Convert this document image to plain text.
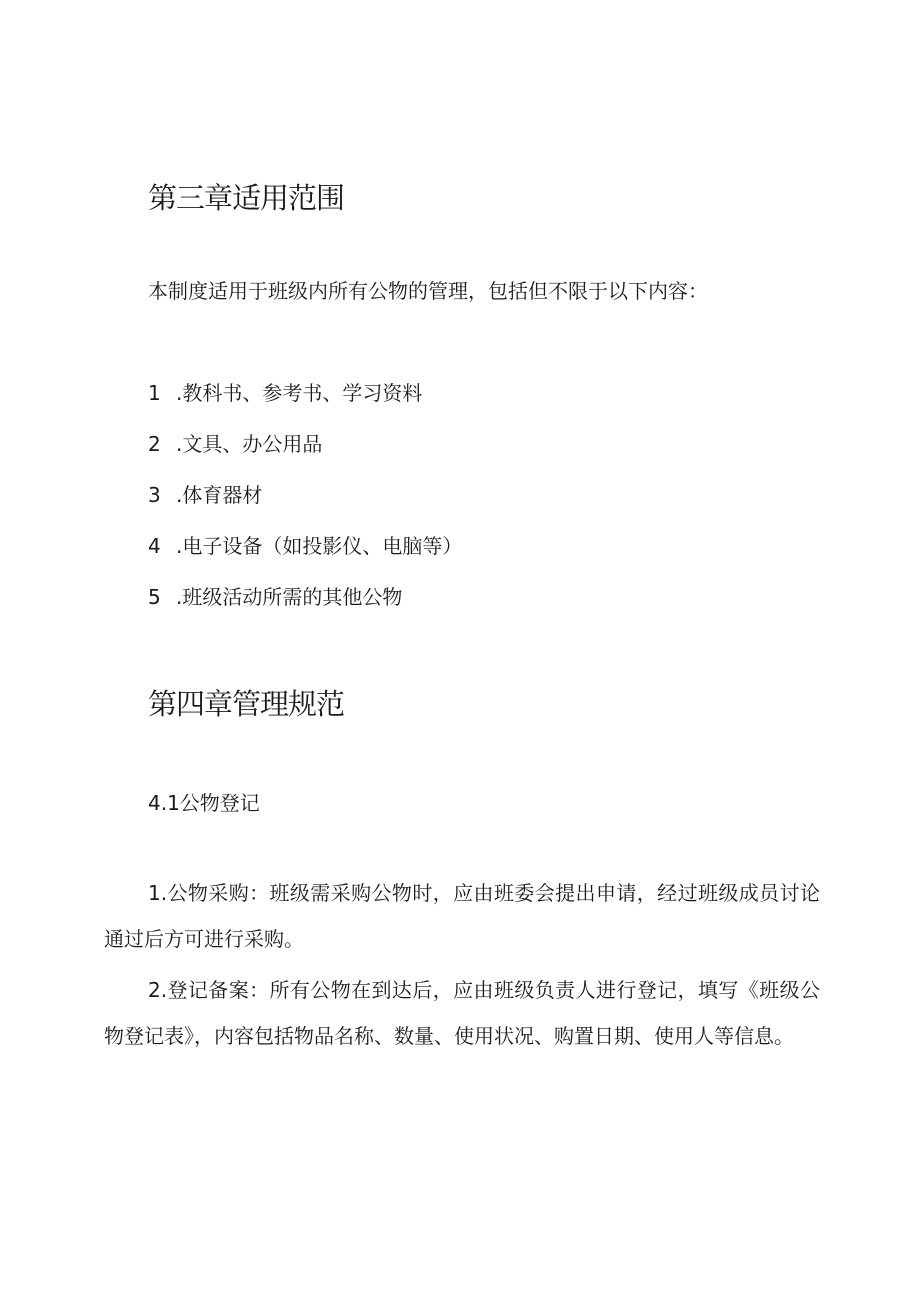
第三章适用范围

本制度适用于班级内所有公物的管理，包括但不限于以下内容：

1 .教科书、参考书、学习资料

2 .文具、办公用品

3 .体育器材

4 .电子设备（如投影仪、电脑等）

5 .班级活动所需的其他公物

第四章管理规范

4.1公物登记

1.公物采购：班级需采购公物时，应由班委会提出申请，经过班级成员讨论通过后方可进行采购。

2.登记备案：所有公物在到达后，应由班级负责人进行登记，填写《班级公物登记表》，内容包括物品名称、数量、使用状况、购置日期、使用人等信息。
